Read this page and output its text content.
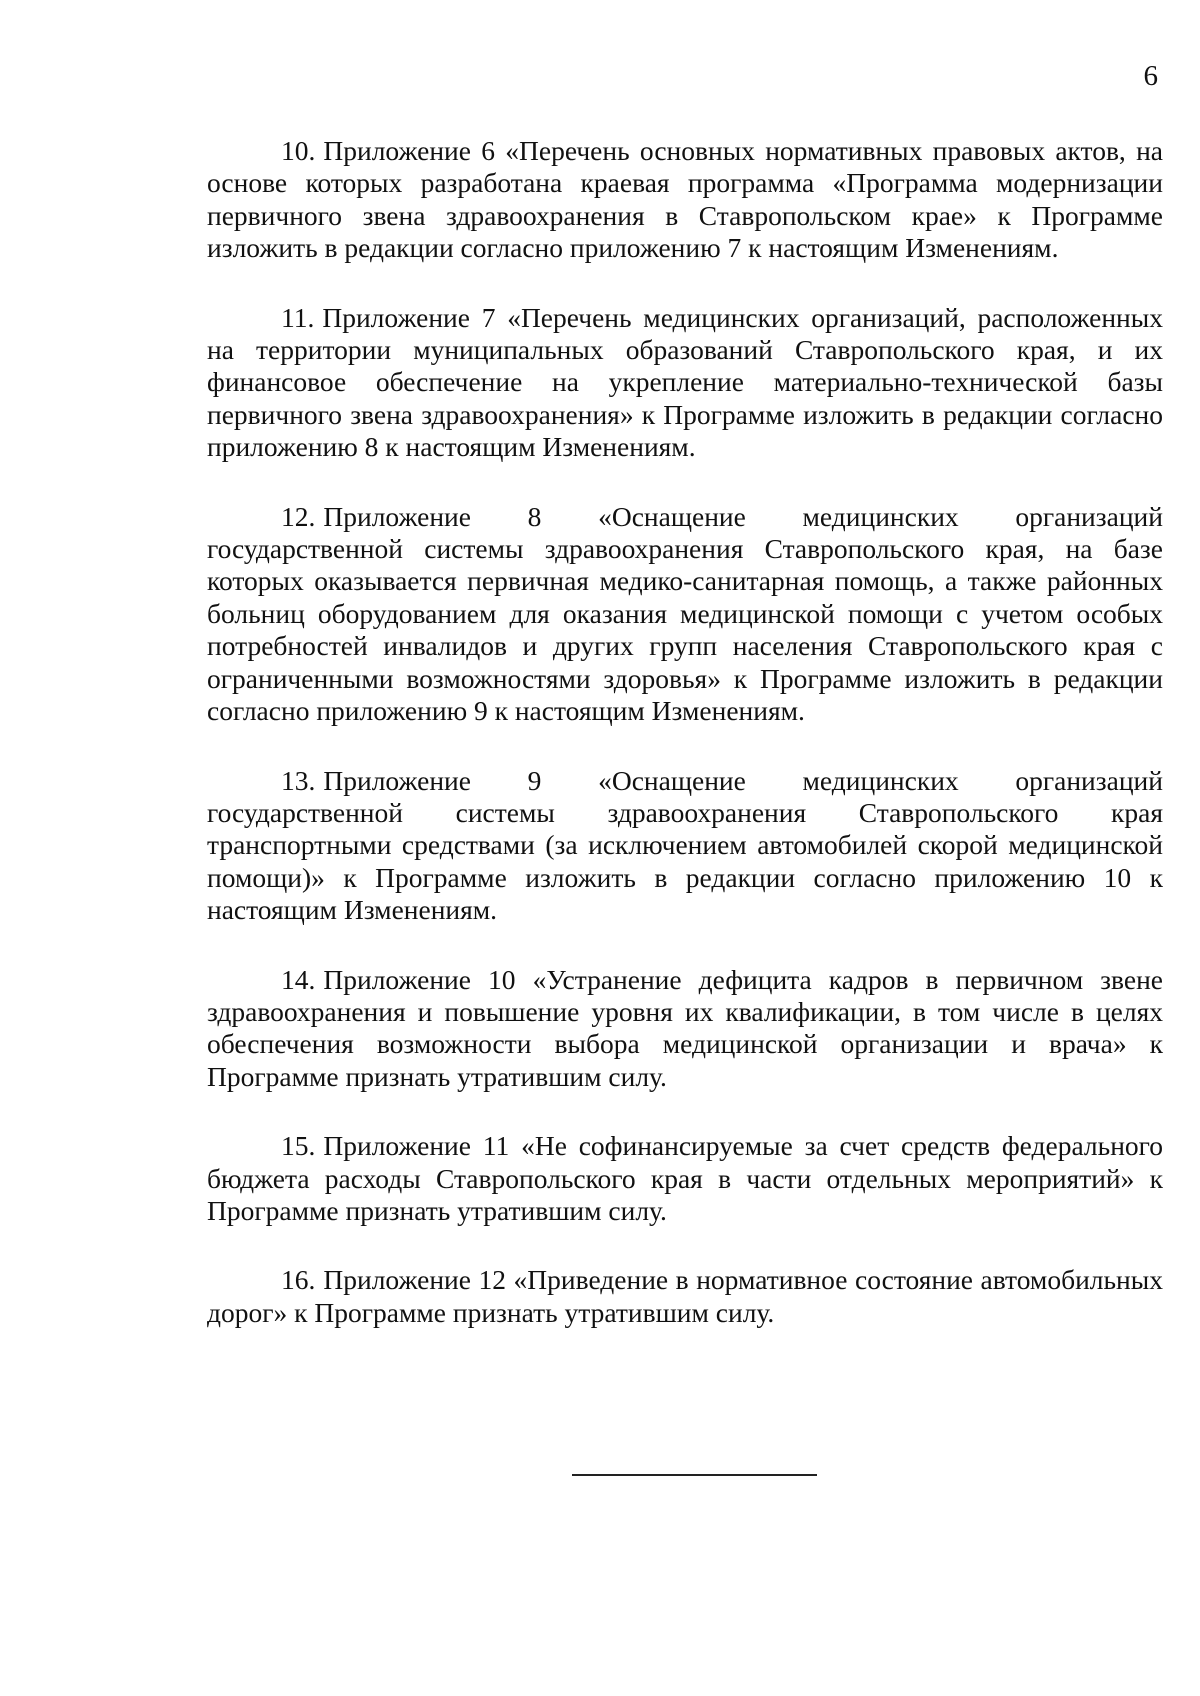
6

10. Приложение 6 «Перечень основных нормативных правовых актов, на основе которых разработана краевая программа «Программа модернизации первичного звена здравоохранения в Ставропольском крае» к Программе изложить в редакции согласно приложению 7 к настоящим Изменениям.

11. Приложение 7 «Перечень медицинских организаций, расположенных на территории муниципальных образований Ставропольского края, и их финансовое обеспечение на укрепление материально-технической базы первичного звена здравоохранения» к Программе изложить в редакции согласно приложению 8 к настоящим Изменениям.

12. Приложение 8 «Оснащение медицинских организаций государственной системы здравоохранения Ставропольского края, на базе которых оказывается первичная медико-санитарная помощь, а также районных больниц оборудованием для оказания медицинской помощи с учетом особых потребностей инвалидов и других групп населения Ставропольского края с ограниченными возможностями здоровья» к Программе изложить в редакции согласно приложению 9 к настоящим Изменениям.

13. Приложение 9 «Оснащение медицинских организаций государственной системы здравоохранения Ставропольского края транспортными средствами (за исключением автомобилей скорой медицинской помощи)» к Программе изложить в редакции согласно приложению 10 к настоящим Изменениям.

14. Приложение 10 «Устранение дефицита кадров в первичном звене здравоохранения и повышение уровня их квалификации, в том числе в целях обеспечения возможности выбора медицинской организации и врача» к Программе признать утратившим силу.

15. Приложение 11 «Не софинансируемые за счет средств федерального бюджета расходы Ставропольского края в части отдельных мероприятий» к Программе признать утратившим силу.

16. Приложение 12 «Приведение в нормативное состояние автомобильных дорог» к Программе признать утратившим силу.
